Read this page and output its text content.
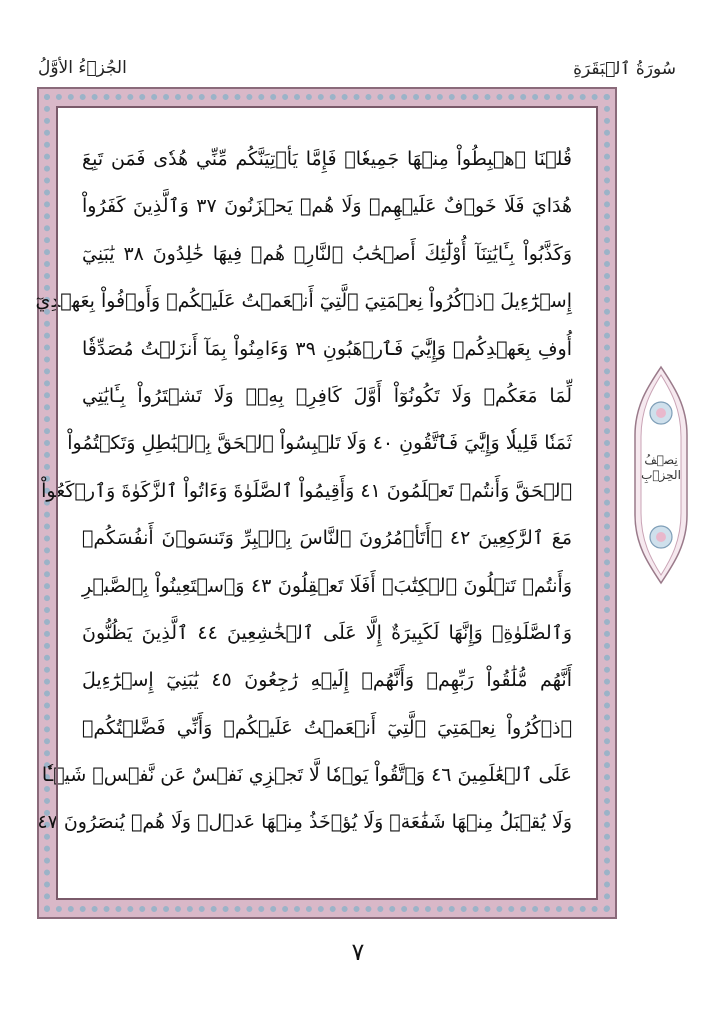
سُورَةُ ٱلۡبَقَرَةِ
الجُزۡءُ الأوَّلُ
قُلۡنَا ٱهۡبِطُواْ مِنۡهَا جَمِيعٗاۖ فَإِمَّا يَأۡتِيَنَّكُم مِّنِّي هُدٗى فَمَن تَبِعَ
هُدَايَ فَلَا خَوۡفٌ عَلَيۡهِمۡ وَلَا هُمۡ يَحۡزَنُونَ ٣٧ وَٱلَّذِينَ كَفَرُواْ
وَكَذَّبُواْ بِـَٔايَٰتِنَآ أُوْلَٰٓئِكَ أَصۡحَٰبُ ٱلنَّارِۖ هُمۡ فِيهَا خَٰلِدُونَ ٣٨ يَٰبَنِيٓ
إِسۡرَٰٓءِيلَ ٱذۡكُرُواْ نِعۡمَتِيَ ٱلَّتِيٓ أَنۡعَمۡتُ عَلَيۡكُمۡ وَأَوۡفُواْ بِعَهۡدِيٓ
أُوفِ بِعَهۡدِكُمۡ وَإِيَّٰيَ فَٱرۡهَبُونِ ٣٩ وَءَامِنُواْ بِمَآ أَنزَلۡتُ مُصَدِّقٗا
لِّمَا مَعَكُمۡ وَلَا تَكُونُوٓاْ أَوَّلَ كَافِرِۭ بِهِۦۖ وَلَا تَشۡتَرُواْ بِـَٔايَٰتِي
ثَمَنٗا قَلِيلٗا وَإِيَّٰيَ فَٱتَّقُونِ ٤٠ وَلَا تَلۡبِسُواْ ٱلۡحَقَّ بِٱلۡبَٰطِلِ وَتَكۡتُمُواْ
ٱلۡحَقَّ وَأَنتُمۡ تَعۡلَمُونَ ٤١ وَأَقِيمُواْ ٱلصَّلَوٰةَ وَءَاتُواْ ٱلزَّكَوٰةَ وَٱرۡكَعُواْ
مَعَ ٱلرَّٰكِعِينَ ٤٢ ۞أَتَأۡمُرُونَ ٱلنَّاسَ بِٱلۡبِرِّ وَتَنسَوۡنَ أَنفُسَكُمۡ
وَأَنتُمۡ تَتۡلُونَ ٱلۡكِتَٰبَۚ أَفَلَا تَعۡقِلُونَ ٤٣ وَٱسۡتَعِينُواْ بِٱلصَّبۡرِ
وَٱلصَّلَوٰةِۚ وَإِنَّهَا لَكَبِيرَةٌ إِلَّا عَلَى ٱلۡخَٰشِعِينَ ٤٤ ٱلَّذِينَ يَظُنُّونَ
أَنَّهُم مُّلَٰقُواْ رَبِّهِمۡ وَأَنَّهُمۡ إِلَيۡهِ رَٰجِعُونَ ٤٥ يَٰبَنِيٓ إِسۡرَٰٓءِيلَ
ٱذۡكُرُواْ نِعۡمَتِيَ ٱلَّتِيٓ أَنۡعَمۡتُ عَلَيۡكُمۡ وَأَنِّي فَضَّلۡتُكُمۡ
عَلَى ٱلۡعَٰلَمِينَ ٤٦ وَٱتَّقُواْ يَوۡمٗا لَّا تَجۡزِي نَفۡسٌ عَن نَّفۡسٖ شَيۡـٔٗا
وَلَا يُقۡبَلُ مِنۡهَا شَفَٰعَةٞ وَلَا يُؤۡخَذُ مِنۡهَا عَدۡلٞ وَلَا هُمۡ يُنصَرُونَ ٤٧
نِصۡفُ الحِزۡبِ
٧
